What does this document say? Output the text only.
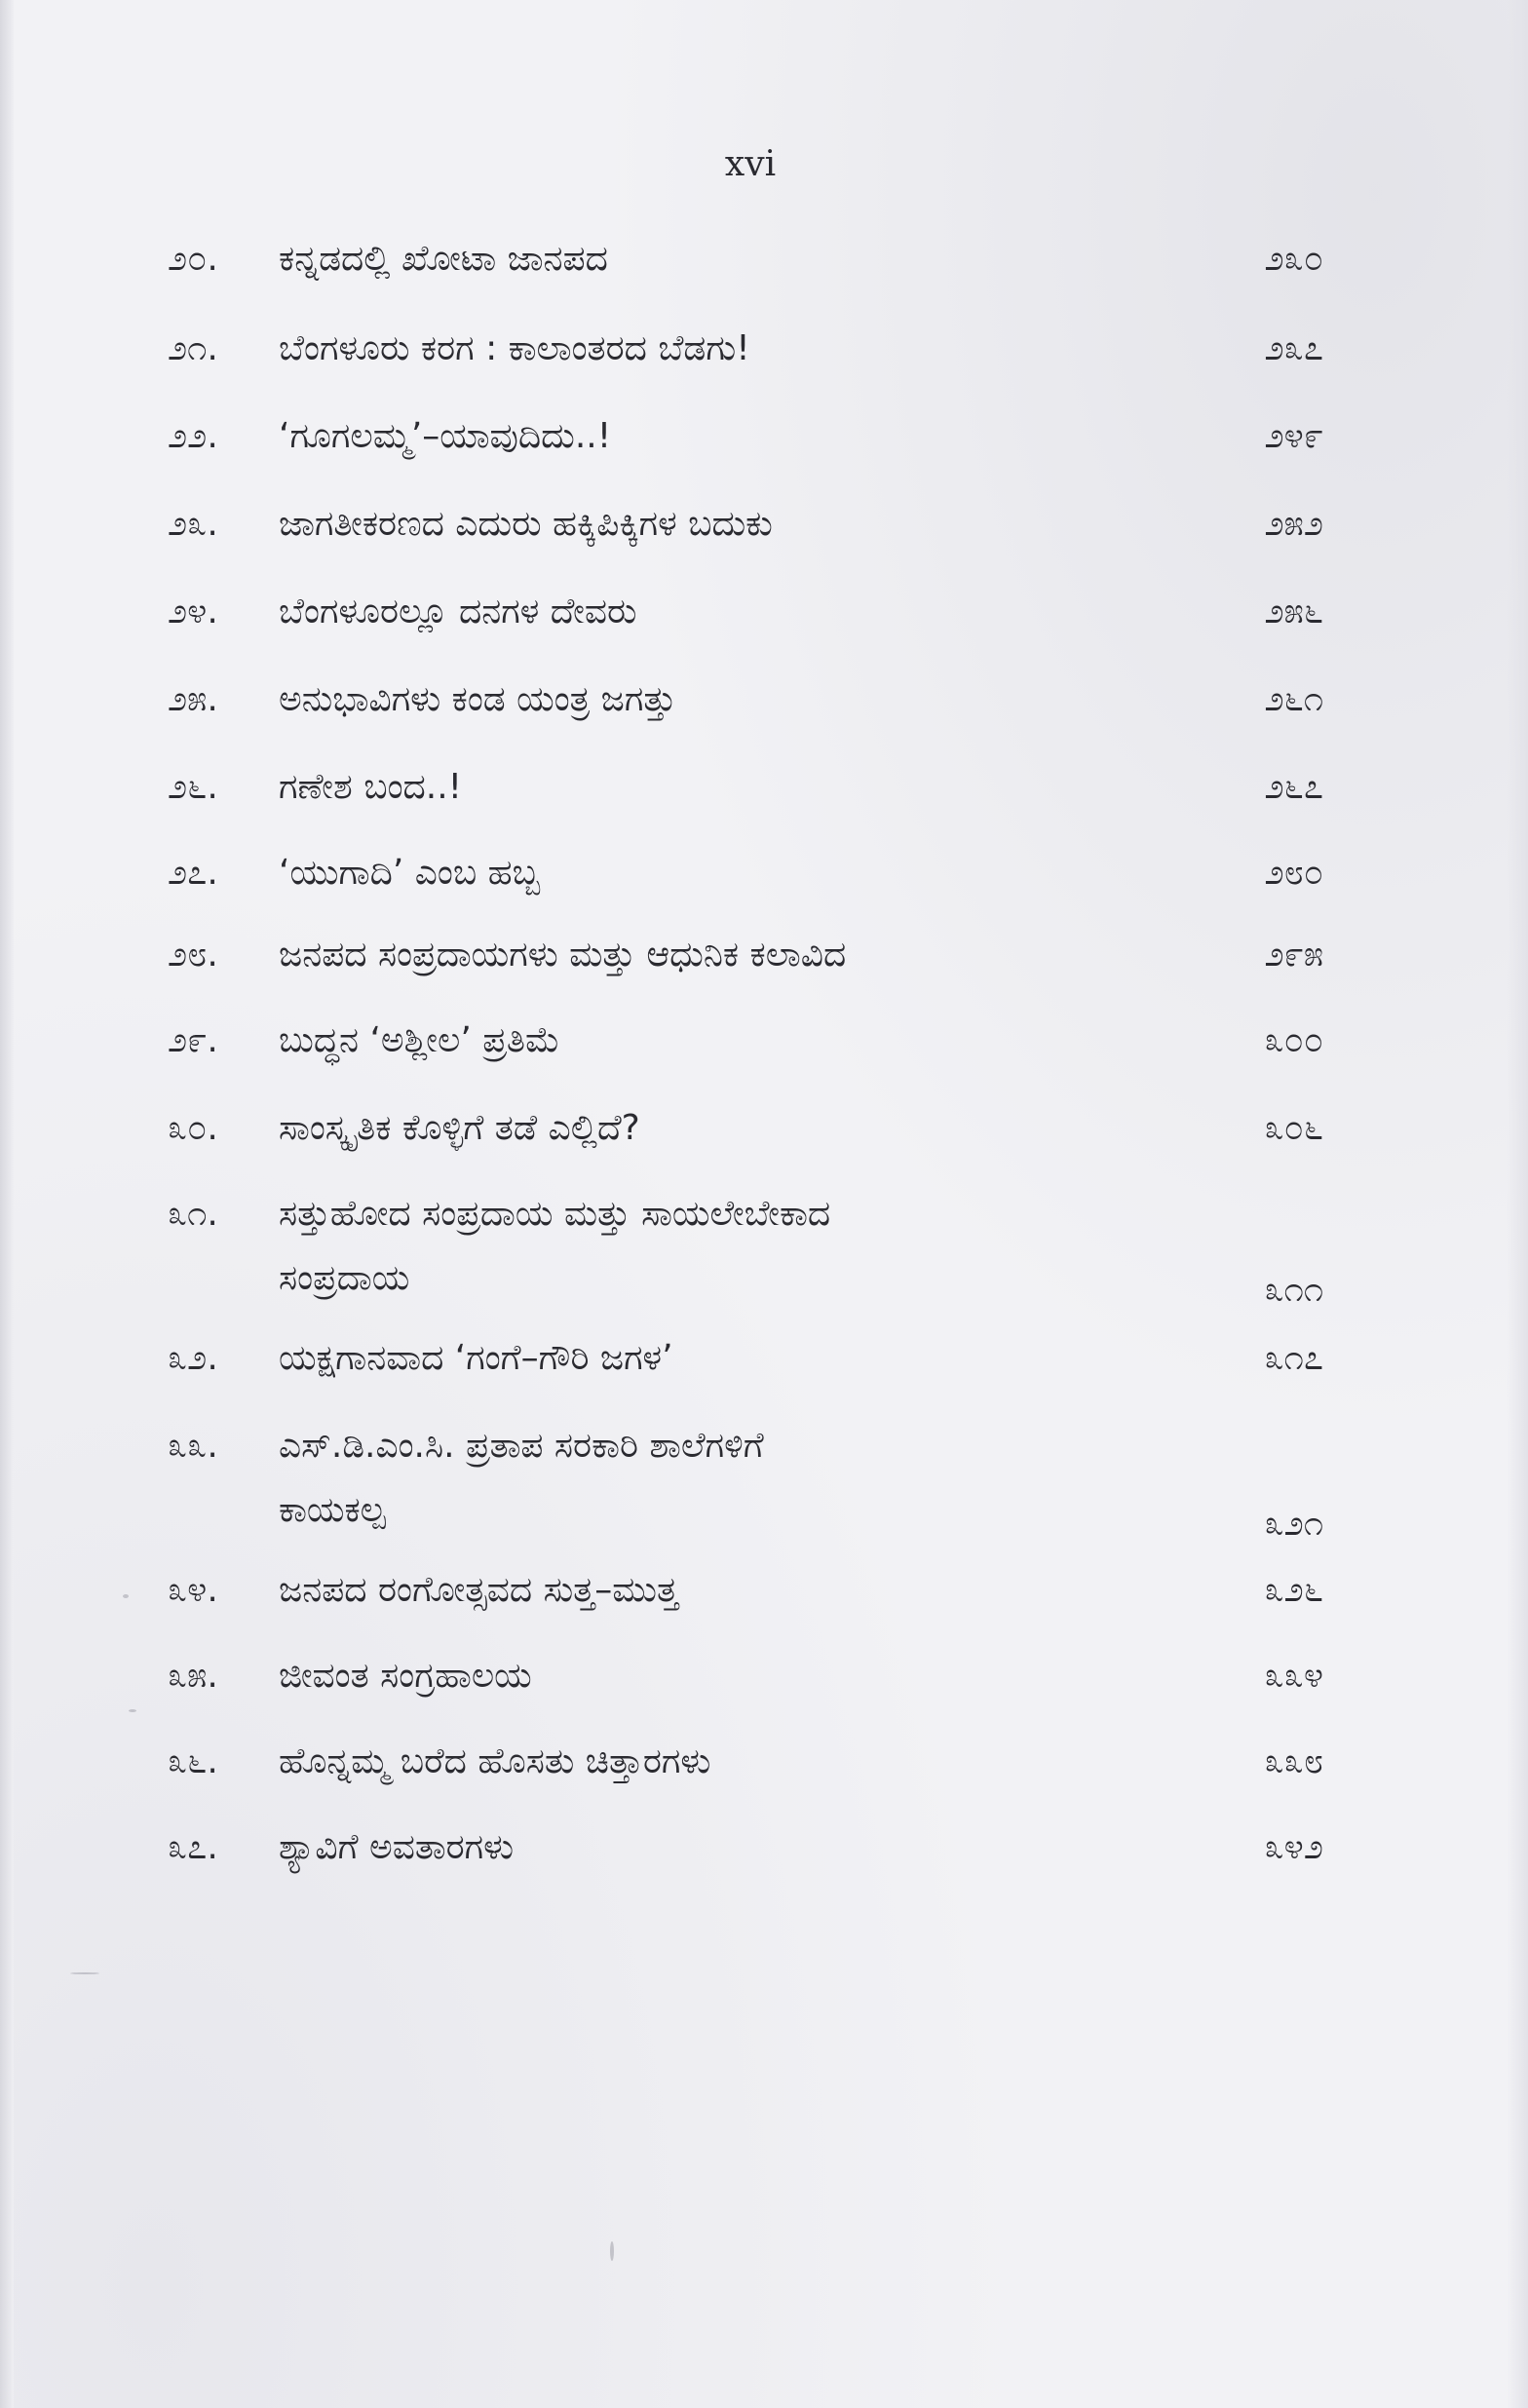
xvi
೨೦.	ಕನ್ನಡದಲ್ಲಿ ಖೋಟಾ ಜಾನಪದ	೨೩೦
೨೧.	ಬೆಂಗಳೂರು ಕರಗ : ಕಾಲಾಂತರದ ಬೆಡಗು!	೨೩೭
೨೨.	‘ಗೂಗಲಮ್ಮ’–ಯಾವುದಿದು..!	೨೪೯
೨೩.	ಜಾಗತೀಕರಣದ ಎದುರು ಹಕ್ಕಿಪಿಕ್ಕಿಗಳ ಬದುಕು	೨೫೨
೨೪.	ಬೆಂಗಳೂರಲ್ಲೂ ದನಗಳ ದೇವರು	೨೫೬
೨೫.	ಅನುಭಾವಿಗಳು ಕಂಡ ಯಂತ್ರ ಜಗತ್ತು	೨೬೧
೨೬.	ಗಣೇಶ ಬಂದ..!	೨೬೭
೨೭.	‘ಯುಗಾದಿ’ ಎಂಬ ಹಬ್ಬ	೨೮೦
೨೮.	ಜನಪದ ಸಂಪ್ರದಾಯಗಳು ಮತ್ತು ಆಧುನಿಕ ಕಲಾವಿದ	೨೯೫
೨೯.	ಬುದ್ಧನ ‘ಅಶ್ಲೀಲ’ ಪ್ರತಿಮೆ	೩೦೦
೩೦.	ಸಾಂಸ್ಕೃತಿಕ ಕೊಳ್ಳಿಗೆ ತಡೆ ಎಲ್ಲಿದೆ?	೩೦೬
೩೧.	ಸತ್ತುಹೋದ ಸಂಪ್ರದಾಯ ಮತ್ತು ಸಾಯಲೇಬೇಕಾದ
ಸಂಪ್ರದಾಯ	೩೧೧
೩೨.	ಯಕ್ಷಗಾನವಾದ ‘ಗಂಗೆ–ಗೌರಿ ಜಗಳ’	೩೧೭
೩೩.	ಎಸ್.ಡಿ.ಎಂ.ಸಿ. ಪ್ರತಾಪ ಸರಕಾರಿ ಶಾಲೆಗಳಿಗೆ
ಕಾಯಕಲ್ಪ	೩೨೧
೩೪.	ಜನಪದ ರಂಗೋತ್ಸವದ ಸುತ್ತ–ಮುತ್ತ	೩೨೬
೩೫.	ಜೀವಂತ ಸಂಗ್ರಹಾಲಯ	೩೩೪
೩೬.	ಹೊನ್ನಮ್ಮ ಬರೆದ ಹೊಸತು ಚಿತ್ತಾರಗಳು	೩೩೮
೩೭.	ಶ್ಯಾವಿಗೆ ಅವತಾರಗಳು	೩೪೨
